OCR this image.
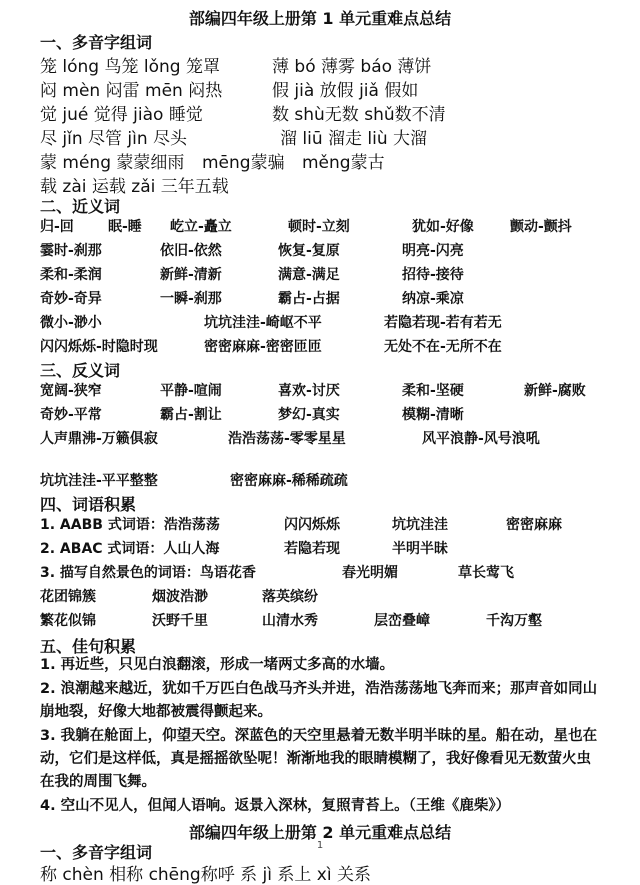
部编四年级上册第 1 单元重难点总结
一、多音字组词
笼 lóng 鸟笼 lǒng 笼罩	薄 bó 薄雾 báo 薄饼
闷 mèn 闷雷 mēn 闷热	假 jià 放假 jiǎ 假如
觉 jué 觉得 jiào 睡觉	数 shù无数 shǔ数不清
尽 jǐn 尽管 jìn 尽头	溜 liū 溜走 liù 大溜
蒙 méng 蒙蒙细雨 mēng蒙骗 měng蒙古
载 zài 运载 zǎi 三年五载
二、近义词
归-回 眠-睡 屹立-矗立	顿时-立刻	犹如-好像	颤动-颤抖
霎时-刹那	依旧-依然	恢复-复原	明亮-闪亮
柔和-柔润	新鲜-清新	满意-满足	招待-接待
奇妙-奇异	一瞬-刹那	霸占-占据	纳凉-乘凉
微小-渺小	坑坑洼洼-崎岖不平	若隐若现-若有若无
闪闪烁烁-时隐时现	密密麻麻-密密匝匝	无处不在-无所不在
三、反义词
宽阔-狭窄	平静-喧闹	喜欢-讨厌	柔和-坚硬	新鲜-腐败
奇妙-平常	霸占-割让	梦幻-真实	模糊-清晰
人声鼎沸-万籁俱寂	浩浩荡荡-零零星星	风平浪静-风号浪吼
坑坑洼洼-平平整整	密密麻麻-稀稀疏疏
四、词语积累
1. AABB 式词语：浩浩荡荡	闪闪烁烁	坑坑洼洼	密密麻麻
2. ABAC 式词语：人山人海	若隐若现	半明半昧
3. 描写自然景色的词语：鸟语花香	春光明媚	草长莺飞
花团锦簇	烟波浩渺	落英缤纷
繁花似锦	沃野千里	山清水秀	层峦叠嶂	千沟万壑
五、佳句积累
1. 再近些，只见白浪翻滚，形成一堵两丈多高的水墙。
2. 浪潮越来越近，犹如千万匹白色战马齐头并进，浩浩荡荡地飞奔而来；那声音如同山崩地裂，好像大地都被震得颤起来。
3. 我躺在舱面上，仰望天空。深蓝色的天空里悬着无数半明半昧的星。船在动，星也在动，它们是这样低，真是摇摇欲坠呢！渐渐地我的眼睛模糊了，我好像看见无数萤火虫在我的周围飞舞。
4. 空山不见人，但闻人语响。返景入深林，复照青苔上。（王维《鹿柴》）
1
部编四年级上册第 2 单元重难点总结
一、多音字组词
称 chèn 相称 chēng称呼 系 jì 系上 xì 关系
